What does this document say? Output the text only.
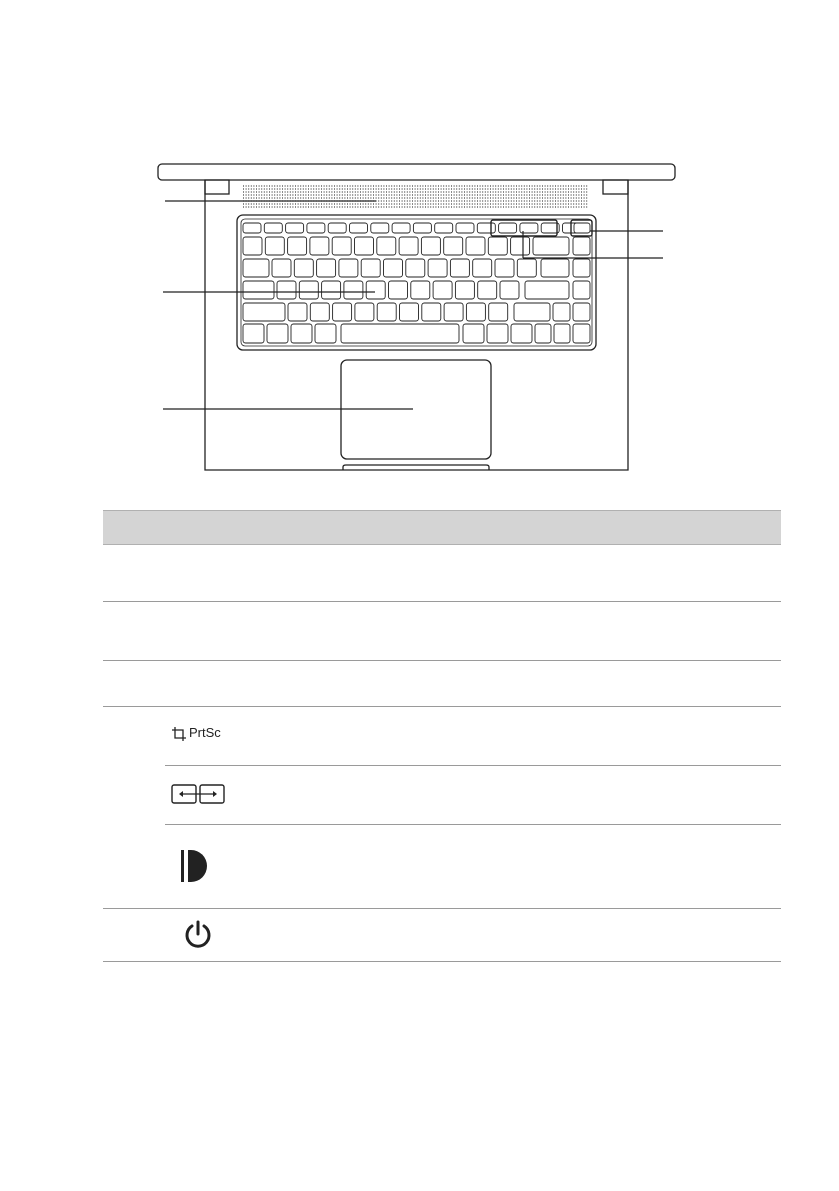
PrtSc
